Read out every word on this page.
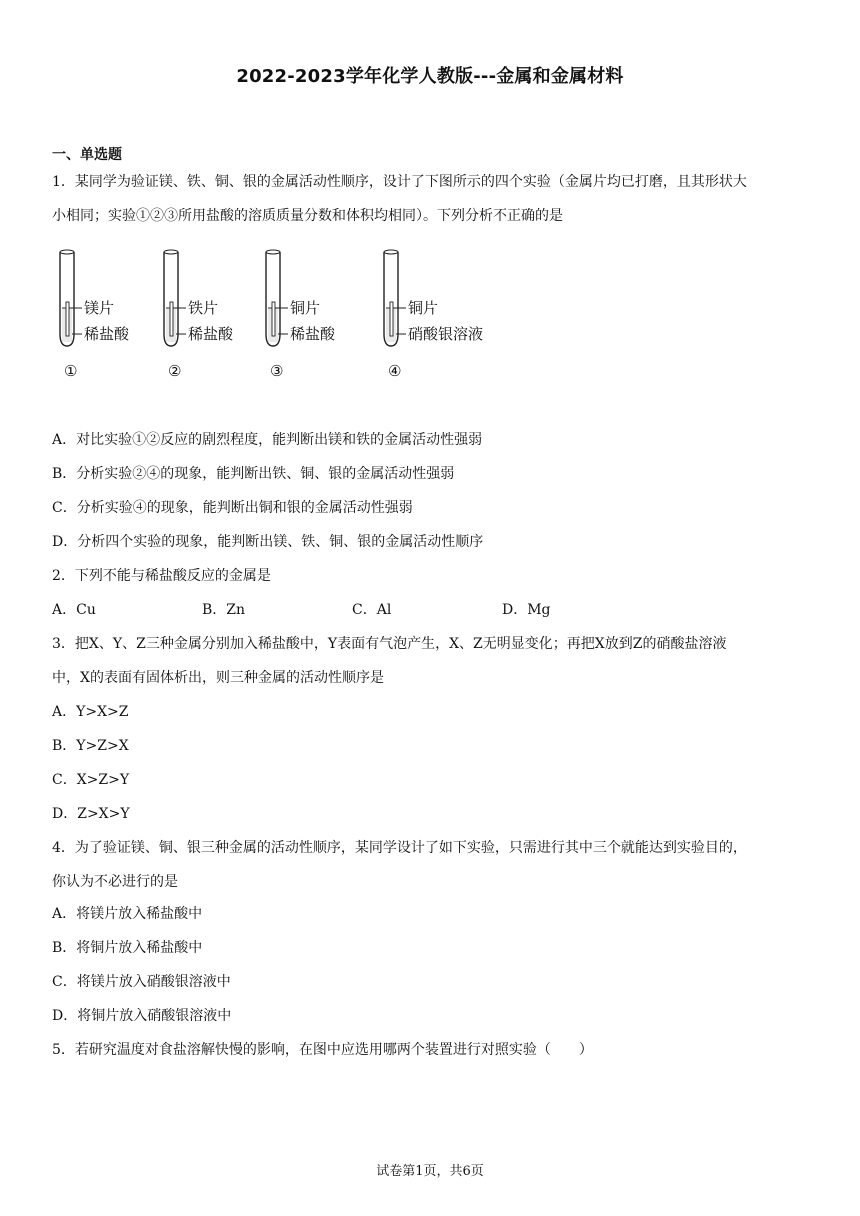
2022-2023学年化学人教版---金属和金属材料
一、单选题
1．某同学为验证镁、铁、铜、银的金属活动性顺序，设计了下图所示的四个实验（金属片均已打磨，且其形状大
小相同；实验①②③所用盐酸的溶质质量分数和体积均相同）。下列分析不正确的是
镁片
稀盐酸
①
铁片
稀盐酸
②
铜片
稀盐酸
③
铜片
硝酸银溶液
④
A．对比实验①②反应的剧烈程度，能判断出镁和铁的金属活动性强弱
B．分析实验②④的现象，能判断出铁、铜、银的金属活动性强弱
C．分析实验④的现象，能判断出铜和银的金属活动性强弱
D．分析四个实验的现象，能判断出镁、铁、铜、银的金属活动性顺序
2．下列不能与稀盐酸反应的金属是
A．Cu	B．Zn	C．Al	D．Mg
3．把X、Y、Z三种金属分别加入稀盐酸中，Y表面有气泡产生，X、Z无明显变化；再把X放到Z的硝酸盐溶液
中，X的表面有固体析出，则三种金属的活动性顺序是
A．Y>X>Z
B．Y>Z>X
C．X>Z>Y
D．Z>X>Y
4．为了验证镁、铜、银三种金属的活动性顺序，某同学设计了如下实验，只需进行其中三个就能达到实验目的，
你认为不必进行的是
A．将镁片放入稀盐酸中
B．将铜片放入稀盐酸中
C．将镁片放入硝酸银溶液中
D．将铜片放入硝酸银溶液中
5．若研究温度对食盐溶解快慢的影响，在图中应选用哪两个装置进行对照实验（　　）
试卷第1页，共6页
